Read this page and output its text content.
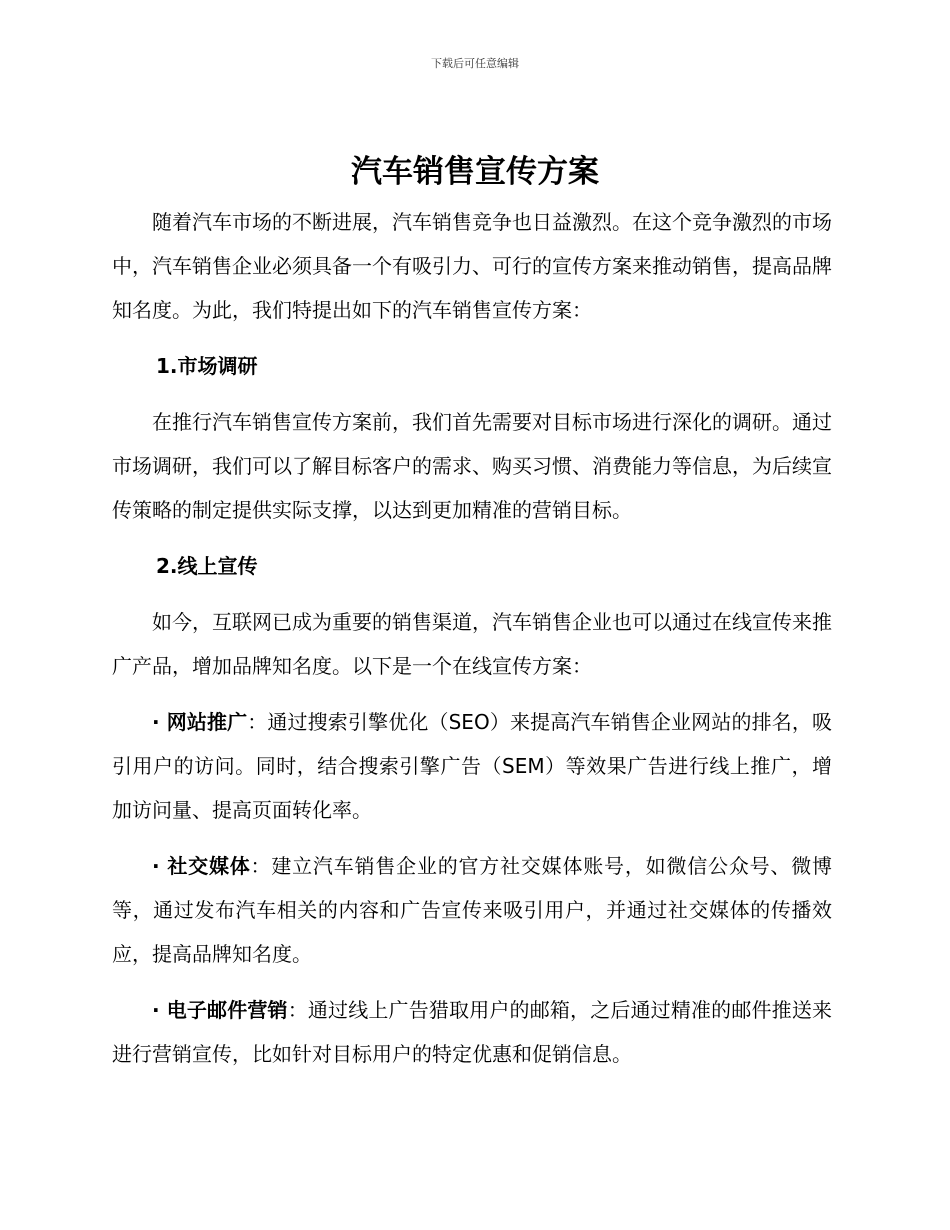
下载后可任意编辑
汽车销售宣传方案

随着汽车市场的不断进展，汽车销售竞争也日益激烈。在这个竞争激烈的市场中，汽车销售企业必须具备一个有吸引力、可行的宣传方案来推动销售，提高品牌知名度。为此，我们特提出如下的汽车销售宣传方案：

1.市场调研

在推行汽车销售宣传方案前，我们首先需要对目标市场进行深化的调研。通过市场调研，我们可以了解目标客户的需求、购买习惯、消费能力等信息，为后续宣传策略的制定提供实际支撑，以达到更加精准的营销目标。

2.线上宣传

如今，互联网已成为重要的销售渠道，汽车销售企业也可以通过在线宣传来推广产品，增加品牌知名度。以下是一个在线宣传方案：

· 网站推广：通过搜索引擎优化（SEO）来提高汽车销售企业网站的排名，吸引用户的访问。同时，结合搜索引擎广告（SEM）等效果广告进行线上推广，增加访问量、提高页面转化率。

· 社交媒体：建立汽车销售企业的官方社交媒体账号，如微信公众号、微博等，通过发布汽车相关的内容和广告宣传来吸引用户，并通过社交媒体的传播效应，提高品牌知名度。

· 电子邮件营销：通过线上广告猎取用户的邮箱，之后通过精准的邮件推送来进行营销宣传，比如针对目标用户的特定优惠和促销信息。
